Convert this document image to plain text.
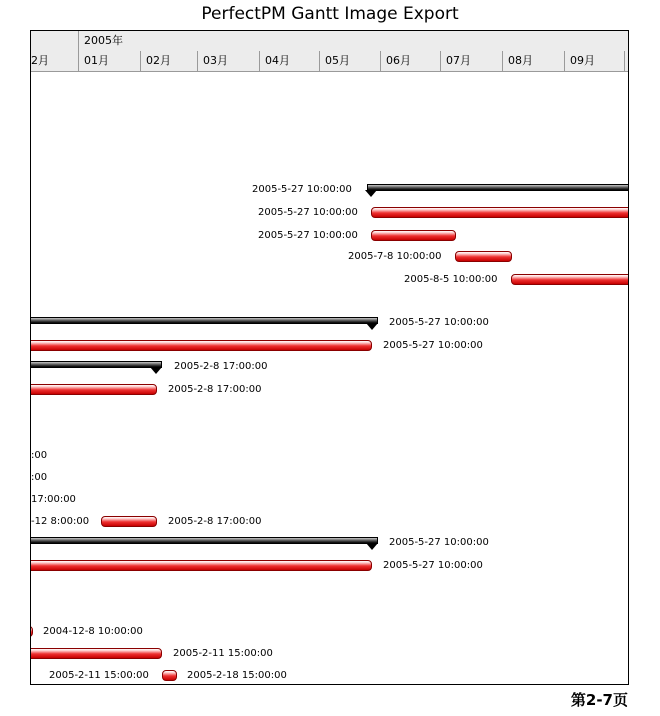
PerfectPM Gantt Image Export
2005年
2月	01月	02月	03月	04月	05月	06月	07月	08月	09月
2005-5-27 10:00:00
2005-5-27 10:00:00
2005-5-27 10:00:00
2005-7-8 10:00:00
2005-8-5 10:00:00
2005-5-27 10:00:00
2005-5-27 10:00:00
2005-2-8 17:00:00
2005-2-8 17:00:00
:00
:00
17:00:00
-12 8:00:00	2005-2-8 17:00:00
2005-5-27 10:00:00
2005-5-27 10:00:00
2004-12-8 10:00:00
2005-2-11 15:00:00
2005-2-11 15:00:00	2005-2-18 15:00:00
第2-7页
